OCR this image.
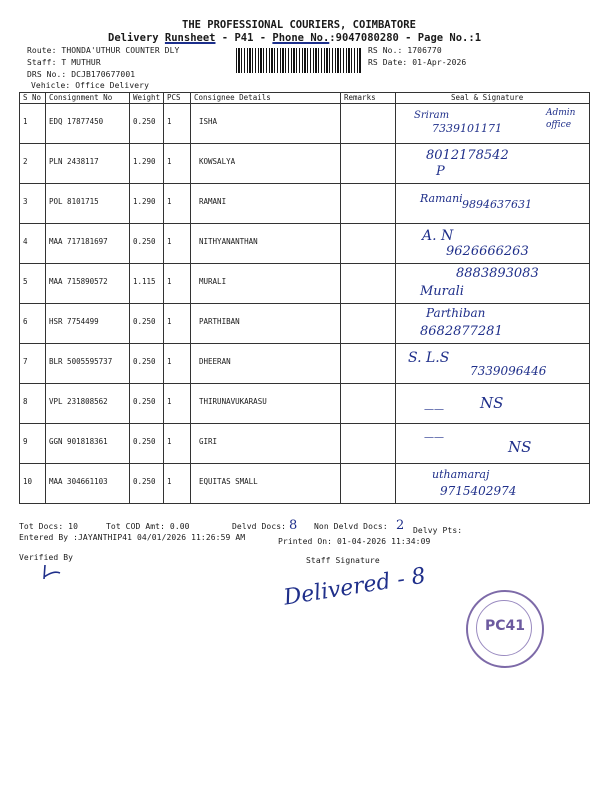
THE PROFESSIONAL COURIERS, COIMBATORE
Delivery Runsheet - P41 - Phone No.:9047080280 - Page No.:1
Route: THONDA'UTHUR COUNTER DLY
Staff: T MUTHUR
DRS No.: DCJB170677001
Vehicle: Office Delivery
RS No.: 1706770
RS Date: 01-Apr-2026
S No	Consignment No	Weight	PCS	Consignee Details	Remarks	Seal & Signature
1	EDQ 17877450	0.250	1	ISHA		Sriram
7339101171
Admin
office

2	PLN 2438117	1.290	1	KOWSALYA		8012178542
P

3	POL 8101715	1.290	1	RAMANI		Ramani 9894637631

4	MAA 717181697	0.250	1	NITHYANANTHAN		A. N
9626666263

5	MAA 715890572	1.115	1	MURALI		8883893083
Murali

6	HSR 7754499	0.250	1	PARTHIBAN		Parthiban
8682877281

7	BLR 5005595737	0.250	1	DHEERAN		S. L.S
7339096446

8	VPL 231808562	0.250	1	THIRUNAVUKARASU		—— NS

9	GGN 901818361	0.250	1	GIRI		——
NS

10	MAA 304661103	0.250	1	EQUITAS SMALL		uthamaraj
9715402974
Tot Docs: 10	Tot COD Amt: 0.00	Delvd Docs: 8 Non Delvd Docs: 2 Delvy Pts:
Entered By :JAYANTHIP41 04/01/2026 11:26:59 AM	Printed On: 01-04-2026 11:34:09
Verified By	Staff Signature
Delivered - 8
PC41
